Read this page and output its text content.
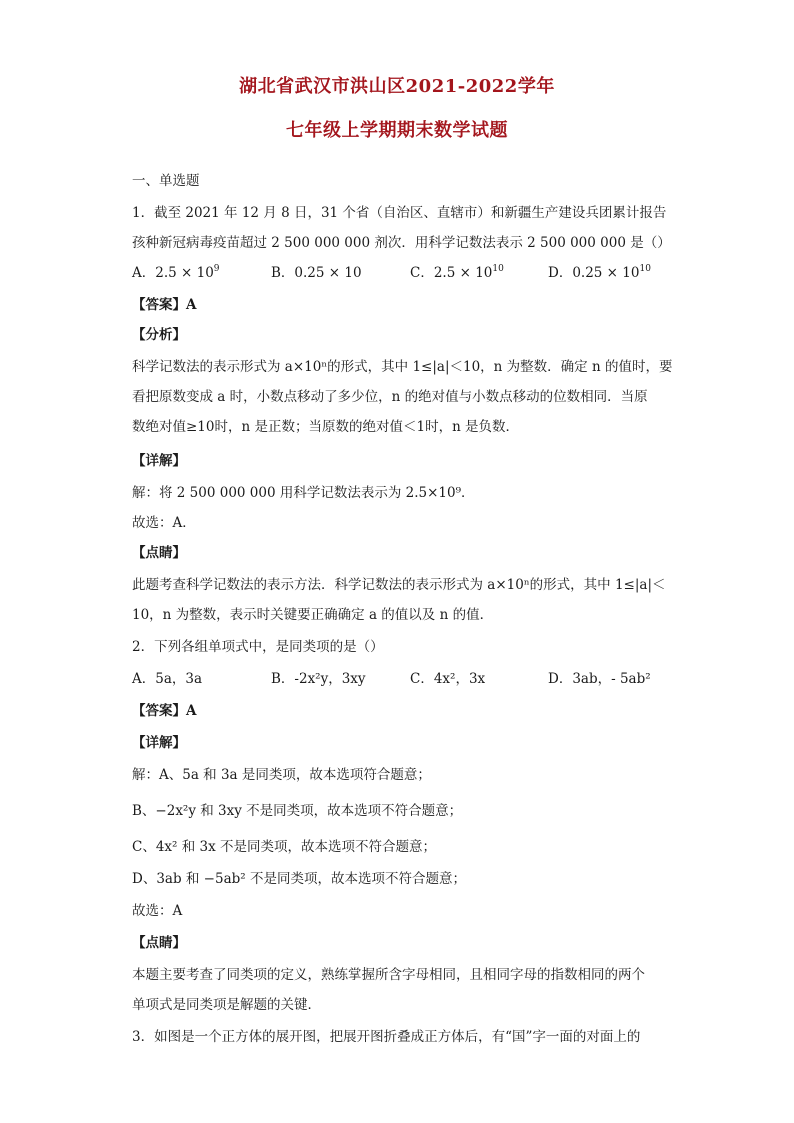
湖北省武汉市洪山区2021-2022学年
七年级上学期期末数学试题
一、单选题
1．截至 2021 年 12 月 8 日，31 个省（自治区、直辖市）和新疆生产建设兵团累计报告
孩种新冠病毒疫苗超过 2 500 000 000 剂次．用科学记数法表示 2 500 000 000 是（）
A．$2.5 \times 10^9$	B．0.25 × 10	C．$2.5 \times 10^{10}$	D．$0.25 \times 10^{10}$
【答案】A
【分析】
科学记数法的表示形式为 a×10ⁿ的形式，其中 1≤|a|＜10，n 为整数．确定 n 的值时，要
看把原数变成 a 时，小数点移动了多少位，n 的绝对值与小数点移动的位数相同．当原
数绝对值≥10时，n 是正数；当原数的绝对值＜1时，n 是负数．
【详解】
解：将 2 500 000 000 用科学记数法表示为 2.5×10⁹．
故选：A．
【点睛】
此题考查科学记数法的表示方法．科学记数法的表示形式为 a×10ⁿ的形式，其中 1≤|a|＜
10，n 为整数，表示时关键要正确确定 a 的值以及 n 的值．
2．下列各组单项式中，是同类项的是（）
A．5a，3a	B．-2x²y，3xy	C．4x²，3x	D．3ab，- 5ab²
【答案】A
【详解】
解：A、5a 和 3a 是同类项，故本选项符合题意；
B、−2x²y 和 3xy 不是同类项，故本选项不符合题意；
C、4x² 和 3x 不是同类项，故本选项不符合题意；
D、3ab 和 −5ab² 不是同类项，故本选项不符合题意；
故选：A
【点睛】
本题主要考查了同类项的定义，熟练掌握所含字母相同，且相同字母的指数相同的两个
单项式是同类项是解题的关键．
3．如图是一个正方体的展开图，把展开图折叠成正方体后，有“国”字一面的对面上的
